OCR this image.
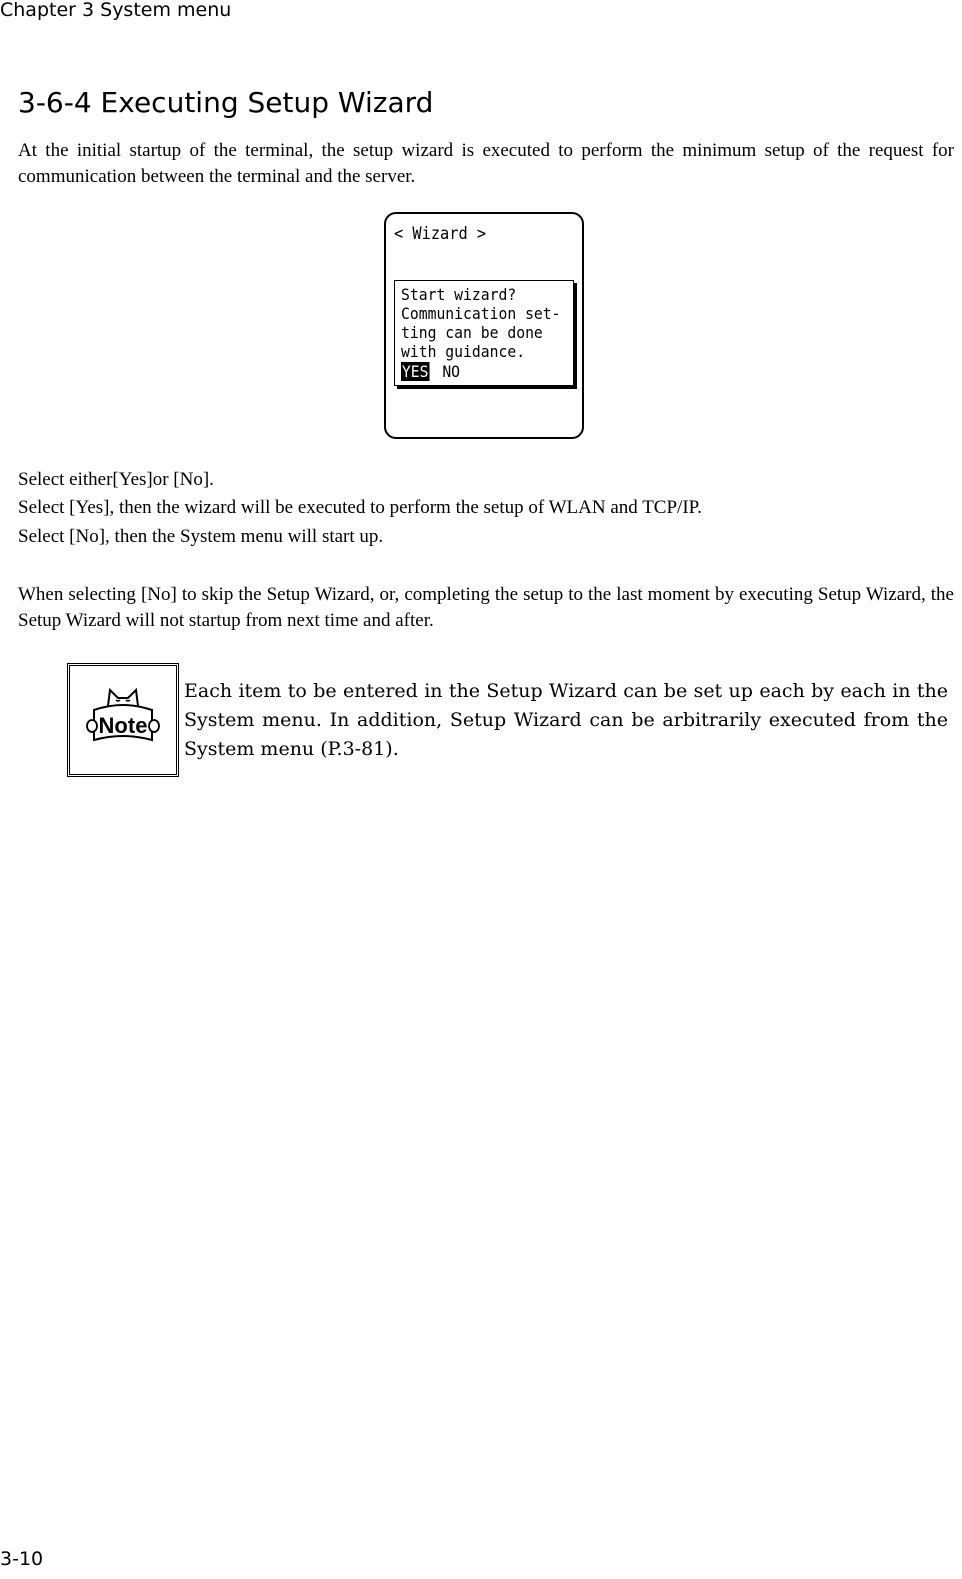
Chapter 3 System menu
3-6-4 Executing Setup Wizard

At the initial startup of the terminal, the setup wizard is executed to perform the minimum setup of the request for communication between the terminal and the server.

< Wizard >
Start wizard?
Communication set-
ting can be done
with guidance.
YES NO

Select either[Yes]or [No].

Select [Yes], then the wizard will be executed to perform the setup of WLAN and TCP/IP.

Select [No], then the System menu will start up.

When selecting [No] to skip the Setup Wizard, or, completing the setup to the last moment by executing Setup Wizard, the Setup Wizard will not startup from next time and after.

Note

Each item to be entered in the Setup Wizard can be set up each by each in the System menu. In addition, Setup Wizard can be arbitrarily executed from the System menu (P.3-81).

3-10
